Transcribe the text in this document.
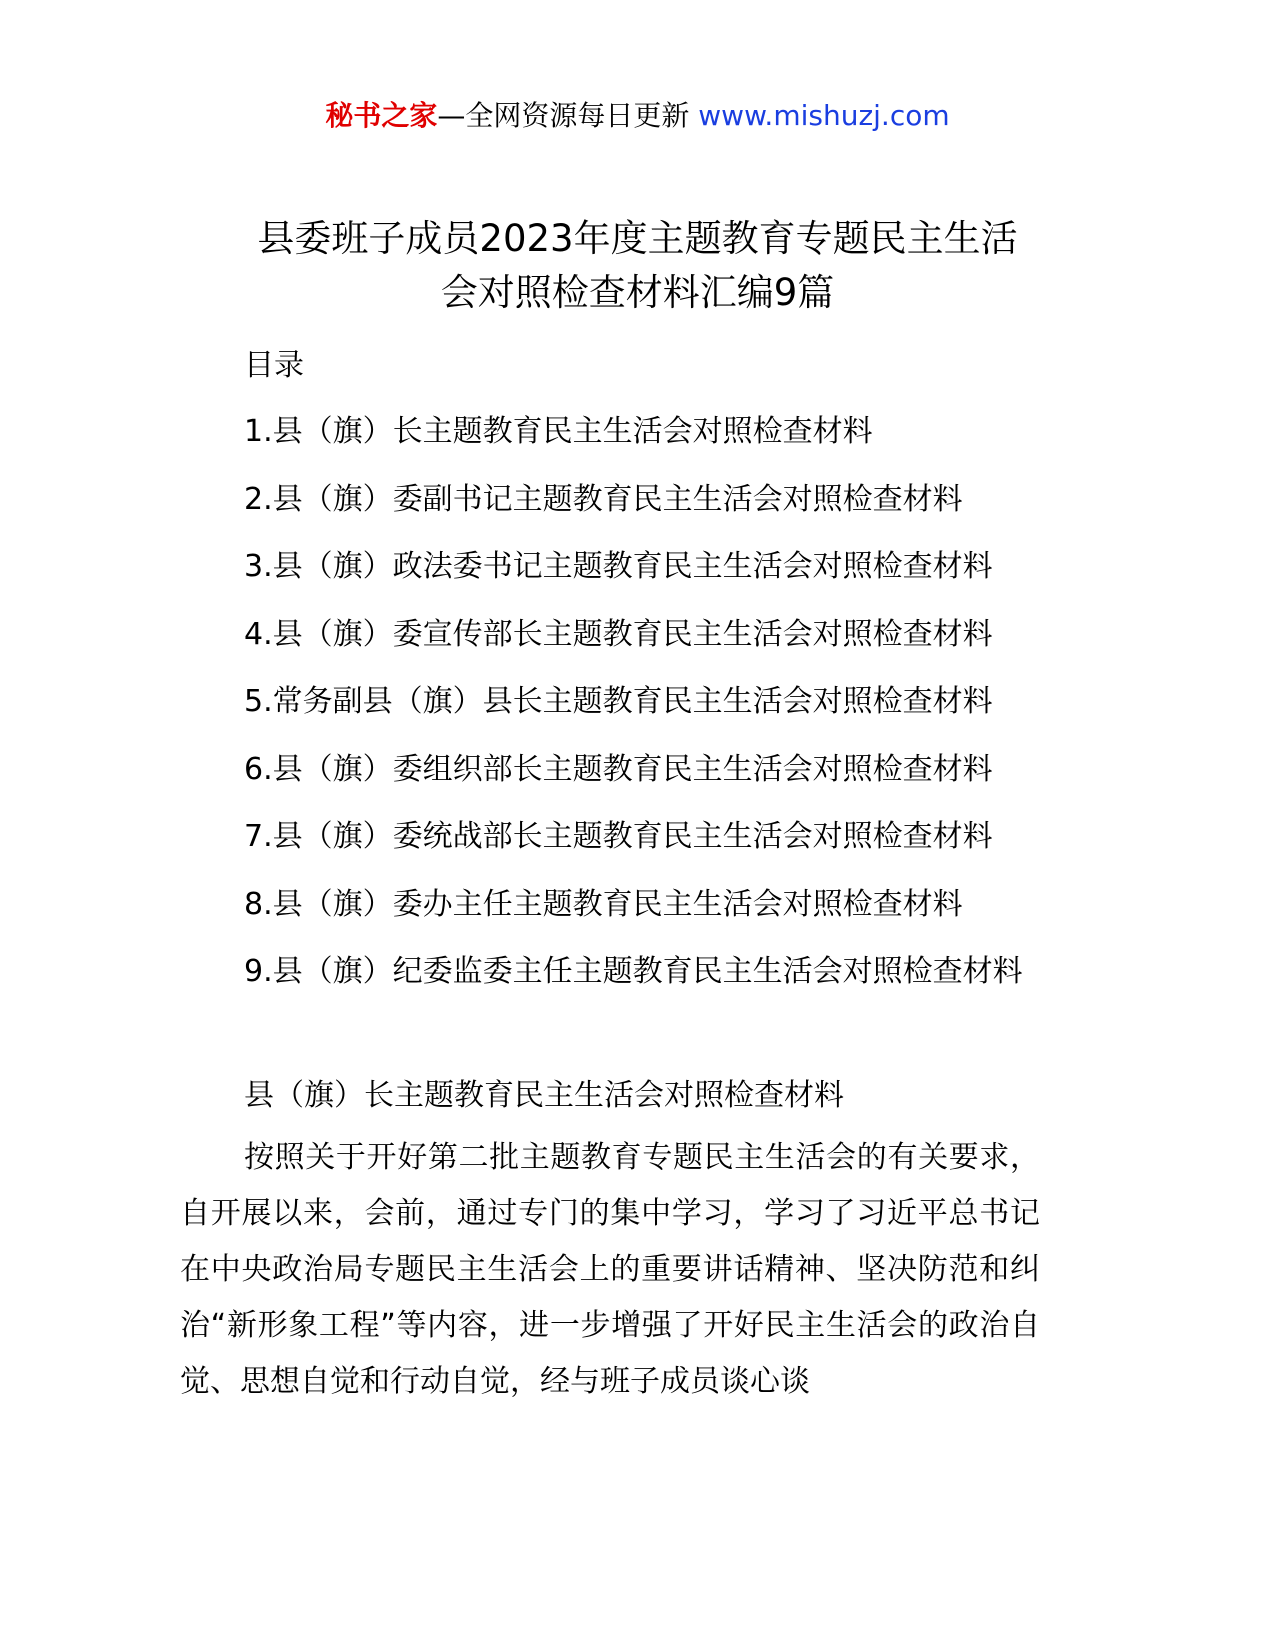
秘书之家—全网资源每日更新 www.mishuzj.com
县委班子成员2023年度主题教育专题民主生活
会对照检查材料汇编9篇
目录
1.县（旗）长主题教育民主生活会对照检查材料
2.县（旗）委副书记主题教育民主生活会对照检查材料
3.县（旗）政法委书记主题教育民主生活会对照检查材料
4.县（旗）委宣传部长主题教育民主生活会对照检查材料
5.常务副县（旗）县长主题教育民主生活会对照检查材料
6.县（旗）委组织部长主题教育民主生活会对照检查材料
7.县（旗）委统战部长主题教育民主生活会对照检查材料
8.县（旗）委办主任主题教育民主生活会对照检查材料
9.县（旗）纪委监委主任主题教育民主生活会对照检查材料
县（旗）长主题教育民主生活会对照检查材料
按照关于开好第二批主题教育专题民主生活会的有关要求，自开展以来，会前，通过专门的集中学习，学习了习近平总书记在中央政治局专题民主生活会上的重要讲话精神、坚决防范和纠治“新形象工程”等内容，进一步增强了开好民主生活会的政治自觉、思想自觉和行动自觉，经与班子成员谈心谈
